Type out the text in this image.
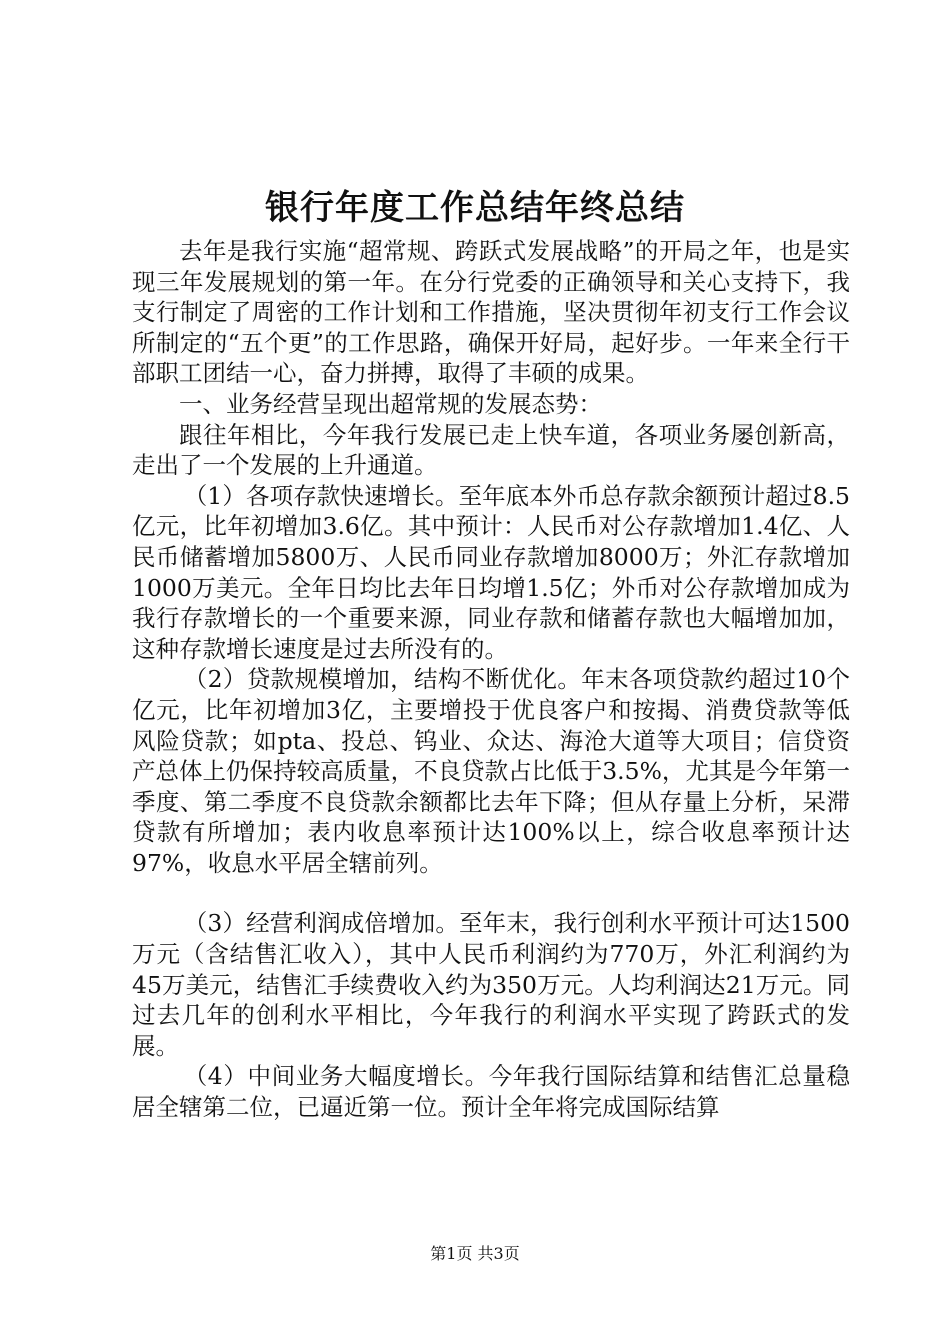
银行年度工作总结年终总结

去年是我行实施“超常规、跨跃式发展战略”的开局之年，也是实现三年发展规划的第一年。在分行党委的正确领导和关心支持下，我支行制定了周密的工作计划和工作措施，坚决贯彻年初支行工作会议所制定的“五个更”的工作思路，确保开好局，起好步。一年来全行干部职工团结一心，奋力拼搏，取得了丰硕的成果。

一、业务经营呈现出超常规的发展态势：

跟往年相比，今年我行发展已走上快车道，各项业务屡创新高，走出了一个发展的上升通道。

（1）各项存款快速增长。至年底本外币总存款余额预计超过8.5亿元，比年初增加3.6亿。其中预计：人民币对公存款增加1.4亿、人民币储蓄增加5800万、人民币同业存款增加8000万；外汇存款增加1000万美元。全年日均比去年日均增1.5亿；外币对公存款增加成为我行存款增长的一个重要来源，同业存款和储蓄存款也大幅增加加，这种存款增长速度是过去所没有的。

（2）贷款规模增加，结构不断优化。年末各项贷款约超过10个亿元，比年初增加3亿，主要增投于优良客户和按揭、消费贷款等低风险贷款；如pta、投总、钨业、众达、海沧大道等大项目；信贷资产总体上仍保持较高质量，不良贷款占比低于3.5%，尤其是今年第一季度、第二季度不良贷款余额都比去年下降；但从存量上分析，呆滞贷款有所增加；表内收息率预计达100%以上，综合收息率预计达97%，收息水平居全辖前列。

（3）经营利润成倍增加。至年末，我行创利水平预计可达1500万元（含结售汇收入），其中人民币利润约为770万，外汇利润约为45万美元，结售汇手续费收入约为350万元。人均利润达21万元。同过去几年的创利水平相比，今年我行的利润水平实现了跨跃式的发展。

（4）中间业务大幅度增长。今年我行国际结算和结售汇总量稳居全辖第二位，已逼近第一位。预计全年将完成国际结算

第1页 共3页
